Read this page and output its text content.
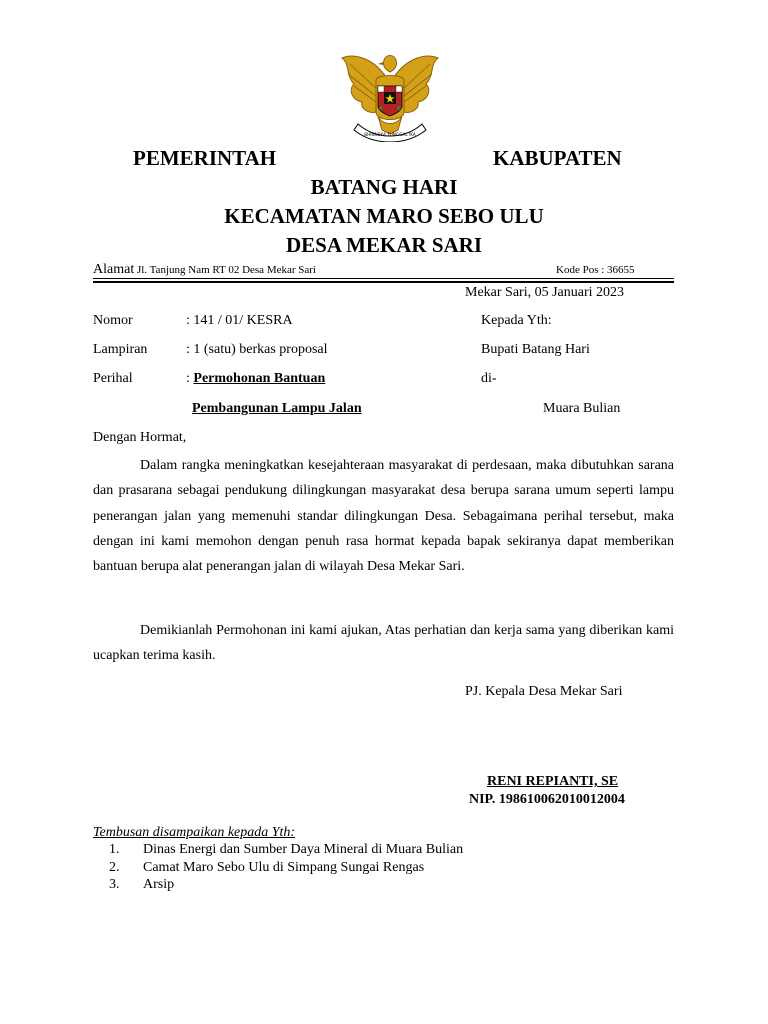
BHINNEKA TUNGGAL IKA
PEMERINTAH	KABUPATEN
BATANG HARI
KECAMATAN MARO SEBO ULU
DESA MEKAR SARI
Alamat Jl. Tanjung Nam RT 02 Desa Mekar Sari	Kode Pos : 36655
Mekar Sari, 05 Januari 2023
Nomor	: 141 / 01/ KESRA
Lampiran	: 1 (satu) berkas proposal
Perihal	: Permohonan Bantuan
Pembangunan Lampu Jalan
Kepada Yth:
Bupati Batang Hari
di-
Muara Bulian
Dengan Hormat,
Dalam rangka meningkatkan kesejahteraan masyarakat di perdesaan, maka dibutuhkan sarana dan prasarana sebagai pendukung dilingkungan masyarakat desa berupa sarana umum seperti lampu penerangan jalan yang memenuhi standar dilingkungan Desa. Sebagaimana perihal tersebut, maka dengan ini kami memohon dengan penuh rasa hormat kepada bapak sekiranya dapat memberikan bantuan berupa alat penerangan jalan di wilayah Desa Mekar Sari.
Demikianlah Permohonan ini kami ajukan, Atas perhatian dan kerja sama yang diberikan kami ucapkan terima kasih.
PJ. Kepala Desa Mekar Sari
RENI REPIANTI, SE
NIP. 198610062010012004
Tembusan disampaikan kepada Yth:
1.	Dinas Energi dan Sumber Daya Mineral di Muara Bulian
2.	Camat Maro Sebo Ulu di Simpang Sungai Rengas
3.	Arsip
